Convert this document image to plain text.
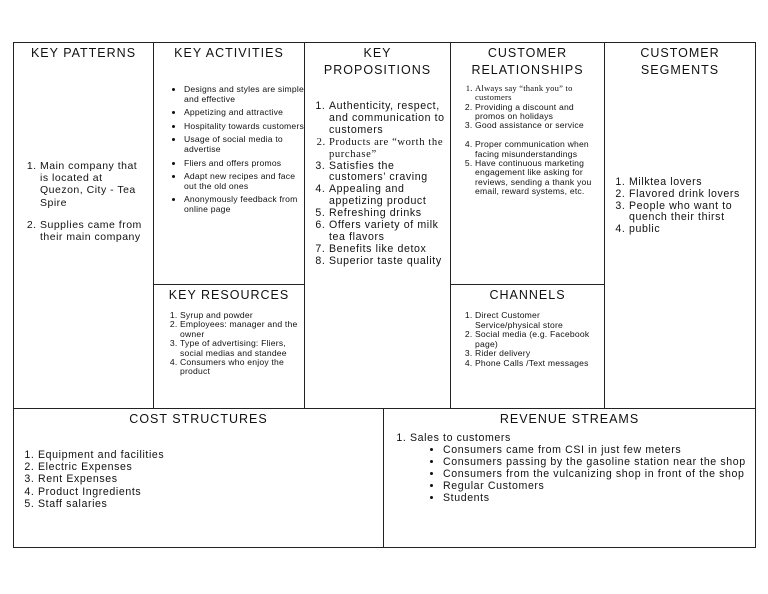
KEY PATTERNS
1. Main company that is located at Quezon, City - Tea Spire
2. Supplies came from their main company
KEY ACTIVITIES
• Designs and styles are simple and effective
• Appetizing and attractive
• Hospitality towards customers
• Usage of social media to advertise
• Fliers and offers promos
• Adapt new recipes and face out the old ones
• Anonymously feedback from online page
KEY RESOURCES
1. Syrup and powder
2. Employees: manager and the owner
3. Type of advertising: Fliers, social medias and standee
4. Consumers who enjoy the product
KEY
PROPOSITIONS
1. Authenticity, respect, and communication to customers
2. Products are “worth the purchase”
3. Satisfies the customers’ craving
4. Appealing and appetizing product
5. Refreshing drinks
6. Offers variety of milk tea flavors
7. Benefits like detox
8. Superior taste quality
CUSTOMER
RELATIONSHIPS
1. Always say “thank you” to customers
2. Providing a discount and promos on holidays
3. Good assistance or service
4. Proper communication when facing misunderstandings
5. Have continuous marketing engagement like asking for reviews, sending a thank you email, reward systems, etc.
CHANNELS
1. Direct Customer Service/physical store
2. Social media (e.g. Facebook page)
3. Rider delivery
4. Phone Calls /Text messages
CUSTOMER
SEGMENTS
1. Milktea lovers
2. Flavored drink lovers
3. People who want to quench their thirst
4. public
COST STRUCTURES
1. Equipment and facilities
2. Electric Expenses
3. Rent Expenses
4. Product Ingredients
5. Staff salaries
REVENUE STREAMS
1. Sales to customers
• Consumers came from CSI in just few meters
• Consumers passing by the gasoline station near the shop
• Consumers from the vulcanizing shop in front of the shop
• Regular Customers
• Students
